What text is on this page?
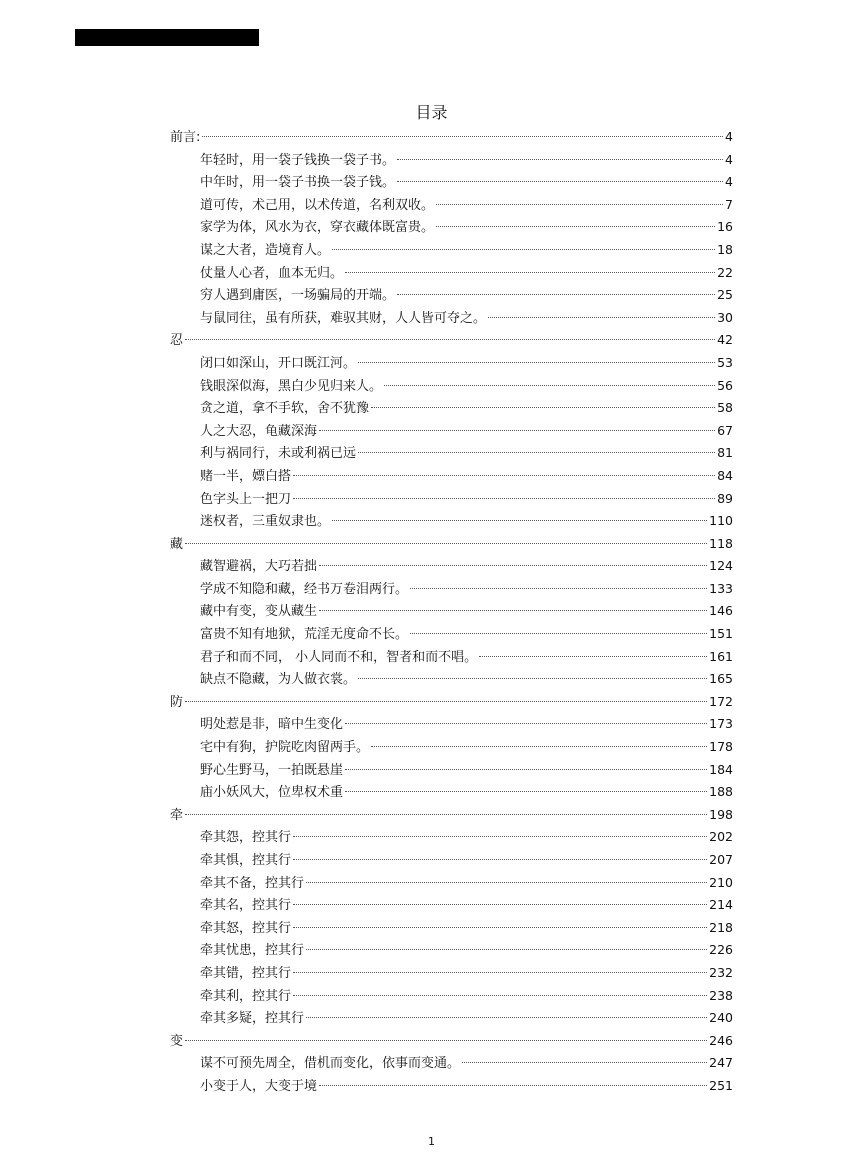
目录
前言:	4
年轻时，用一袋子钱换一袋子书。	4
中年时，用一袋子书换一袋子钱。	4
道可传，术己用，以术传道，名利双收。	7
家学为体，风水为衣，穿衣藏体既富贵。	16
谋之大者，造境育人。	18
仗量人心者，血本无归。	22
穷人遇到庸医，一场骗局的开端。	25
与鼠同往，虽有所获，难驭其财，人人皆可夺之。	30
忍	42
闭口如深山，开口既江河。	53
钱眼深似海，黑白少见归来人。	56
贪之道，拿不手软，舍不犹豫	58
人之大忍，龟藏深海	67
利与祸同行，未或利祸已远	81
赌一半，嫖白搭	84
色字头上一把刀	89
迷权者，三重奴隶也。	110
藏	118
藏智避祸，大巧若拙	124
学成不知隐和藏，经书万卷泪两行。	133
藏中有变，变从藏生	146
富贵不知有地狱，荒淫无度命不长。	151
君子和而不同， 小人同而不和，智者和而不唱。	161
缺点不隐藏，为人做衣裳。	165
防	172
明处惹是非，暗中生变化	173
宅中有狗，护院吃肉留两手。	178
野心生野马，一拍既悬崖	184
庙小妖风大，位卑权术重	188
牵	198
牵其怨，控其行	202
牵其惧，控其行	207
牵其不备，控其行	210
牵其名，控其行	214
牵其怒，控其行	218
牵其忧患，控其行	226
牵其错，控其行	232
牵其利，控其行	238
牵其多疑，控其行	240
变	246
谋不可预先周全，借机而变化，依事而变通。	247
小变于人，大变于境	251
1
